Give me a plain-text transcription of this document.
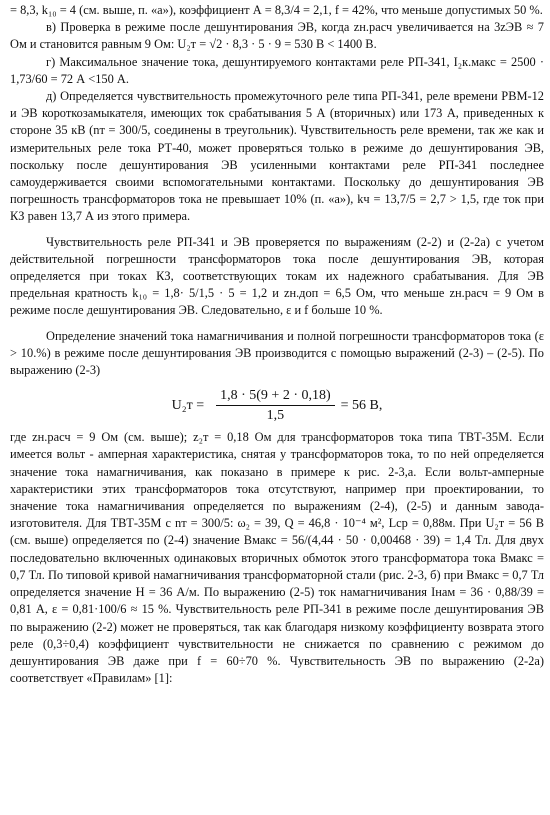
= 8,3, k₁₀ = 4 (см. выше, п. «а»), коэффициент А = 8,3/4 = 2,1, f = 42%, что меньше допустимых 50 %.

в) Проверка в режиме после дешунтирования ЭВ, когда zн.расч увеличивается на 3zЭВ ≈ 7 Ом и становится равным 9 Ом: U₂т = √2 · 8,3 · 5 · 9 = 530 В < 1400 В.

г) Максимальное значение тока, дешунтируемого контактами реле РП-341, I₂к.макс = 2500 · 1,73/60 = 72 А <150 А.

д) Определяется чувствительность промежуточного реле типа РП-341, реле времени РВМ-12 и ЭВ короткозамыкателя, имеющих ток срабатывания 5 А (вторичных) или 173 А, приведенных к стороне 35 кВ (nт = 300/5, соединены в треугольник). Чувствительность реле времени, так же как и измерительных реле тока РТ-40, может проверяться только в режиме до дешунтирования ЭВ, поскольку после дешунтирования ЭВ усиленными контактами реле РП-341 последнее самоудерживается своими вспомогательными контактами. Поскольку до дешунтирования ЭВ погрешность трансформаторов тока не превышает 10% (п. «а»), kч = 13,7/5 = 2,7 > 1,5, где ток при КЗ равен 13,7 А из этого примера.

Чувствительность реле РП-341 и ЭВ проверяется по выражениям (2-2) и (2-2а) с учетом действительной погрешности трансформаторов тока после дешунтирования ЭВ, которая определяется при токах КЗ, соответствующих токам их надежного срабатывания. Для ЭВ предельная кратность k₁₀ = 1,8· 5/1,5 · 5 = 1,2 и zн.доп = 6,5 Ом, что меньше zн.расч = 9 Ом в режиме после дешунтирования ЭВ. Следовательно, ε и f больше 10 %.

Определение значений тока намагничивания и полной погрешности трансформаторов тока (ε > 10.%) в режиме после дешунтирования ЭВ производится с помощью выражений (2-3) – (2-5). По выражению (2-3)

$U_2т = \frac{1,8 \cdot 5(9 + 2 \cdot 0,18)}{1,5} = 56$ В,

где zн.расч = 9 Ом (см. выше); z₂т = 0,18 Ом для трансформаторов тока типа ТВТ-35М. Если имеется вольт - амперная характеристика, снятая у трансформаторов тока, то по ней определяется значение тока намагничивания, как показано в примере к рис. 2-3,а. Если вольт-амперные характеристики этих трансформаторов тока отсутствуют, например при проектировании, то значение тока намагничивания определяется по выражениям (2-4), (2-5) и данным завода-изготовителя. Для ТВТ-35М с nт = 300/5: ω₂ = 39, Q = 46,8 · 10⁻⁴ м², Lср = 0,88м. При U₂т = 56 В (см. выше) определяется по (2-4) значение Bмакс = 56/(4,44 · 50 · 0,00468 · 39) = 1,4 Тл. Для двух последовательно включенных одинаковых вторичных обмоток этого трансформатора тока Bмакс = 0,7 Тл. По типовой кривой намагничивания трансформаторной стали (рис. 2-3, б) при Bмакс = 0,7 Тл определяется значение H = 36 А/м. По выражению (2-5) ток намагничивания Iнам = 36 · 0,88/39 = 0,81 А, ε = 0,81·100/6 ≈ 15 %. Чувствительность реле РП-341 в режиме после дешунтирования ЭВ по выражению (2-2) может не проверяться, так как благодаря низкому коэффициенту возврата этого реле (0,3÷0,4) коэффициент чувствительности не снижается по сравнению с режимом до дешунтирования ЭВ даже при f = 60÷70 %. Чувствительность ЭВ по выражению (2-2а) соответствует «Правилам» [1]:
